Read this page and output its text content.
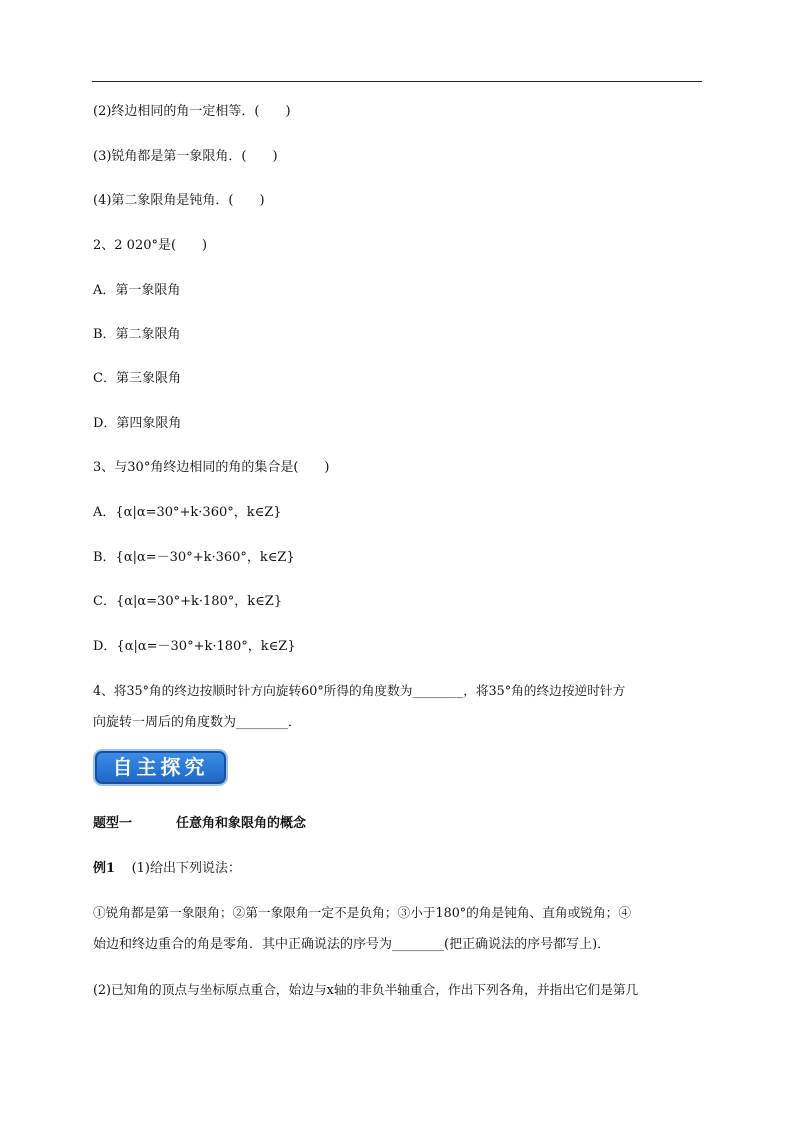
(2)终边相同的角一定相等．(　　)
(3)锐角都是第一象限角．(　　)
(4)第二象限角是钝角．(　　)
2、2 020°是(　　)
A．第一象限角
B．第二象限角
C．第三象限角
D．第四象限角
3、与30°角终边相同的角的集合是(　　)
A．{α|α=30°+k·360°，k∈Z}
B．{α|α=－30°+k·360°，k∈Z}
C．{α|α=30°+k·180°，k∈Z}
D．{α|α=－30°+k·180°，k∈Z}
4、将35°角的终边按顺时针方向旋转60°所得的角度数为________，将35°角的终边按逆时针方
向旋转一周后的角度数为________．
自主探究
题型一	任意角和象限角的概念
例1 (1)给出下列说法：
①锐角都是第一象限角；②第一象限角一定不是负角；③小于180°的角是钝角、直角或锐角；④
始边和终边重合的角是零角．其中正确说法的序号为________(把正确说法的序号都写上)．
(2)已知角的顶点与坐标原点重合，始边与x轴的非负半轴重合，作出下列各角，并指出它们是第几
